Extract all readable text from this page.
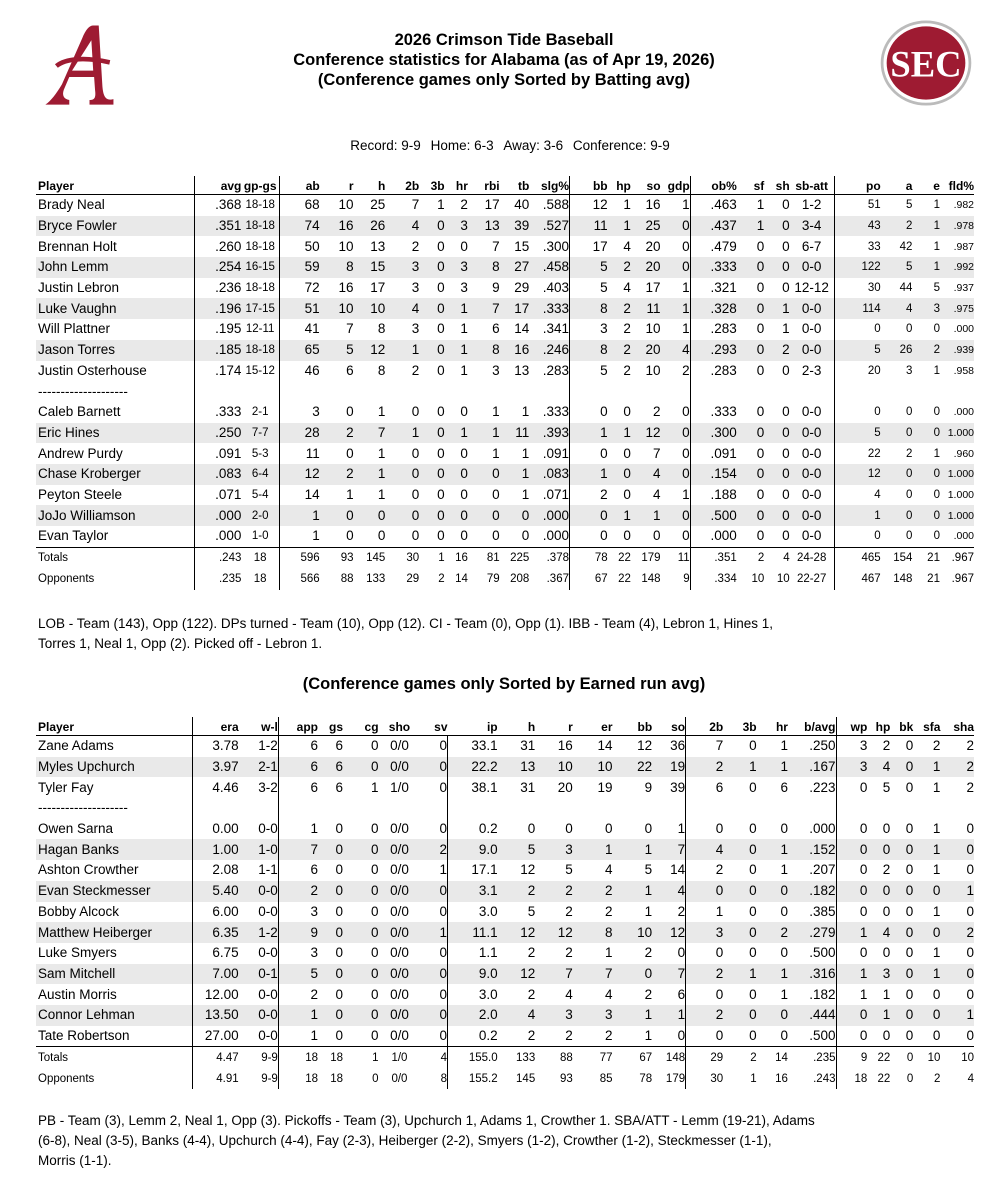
SEC
2026 Crimson Tide Baseball
Conference statistics for Alabama (as of Apr 19, 2026)
(Conference games only Sorted by Batting avg)
Record: 9-9 Home: 6-3 Away: 3-6 Conference: 9-9
Player	avg	gp-gs	ab	r	h	2b	3b	hr	rbi	tb	slg%	bb	hp	so	gdp	ob%	sf	sh	sb-att	po	a	e	fld%
Brady Neal	.368	18-18	68	10	25	7	1	2	17	40	.588	12	1	16	1	.463	1	0	1-2	51	5	1	.982
Bryce Fowler	.351	18-18	74	16	26	4	0	3	13	39	.527	11	1	25	0	.437	1	0	3-4	43	2	1	.978
Brennan Holt	.260	18-18	50	10	13	2	0	0	7	15	.300	17	4	20	0	.479	0	0	6-7	33	42	1	.987
John Lemm	.254	16-15	59	8	15	3	0	3	8	27	.458	5	2	20	0	.333	0	0	0-0	122	5	1	.992
Justin Lebron	.236	18-18	72	16	17	3	0	3	9	29	.403	5	4	17	1	.321	0	0	12-12	30	44	5	.937
Luke Vaughn	.196	17-15	51	10	10	4	0	1	7	17	.333	8	2	11	1	.328	0	1	0-0	114	4	3	.975
Will Plattner	.195	12-11	41	7	8	3	0	1	6	14	.341	3	2	10	1	.283	0	1	0-0	0	0	0	.000
Jason Torres	.185	18-18	65	5	12	1	0	1	8	16	.246	8	2	20	4	.293	0	2	0-0	5	26	2	.939
Justin Osterhouse	.174	15-12	46	6	8	2	0	1	3	13	.283	5	2	10	2	.283	0	0	2-3	20	3	1	.958
--------------------																							
Caleb Barnett	.333	2-1	3	0	1	0	0	0	1	1	.333	0	0	2	0	.333	0	0	0-0	0	0	0	.000
Eric Hines	.250	7-7	28	2	7	1	0	1	1	11	.393	1	1	12	0	.300	0	0	0-0	5	0	0	1.000
Andrew Purdy	.091	5-3	11	0	1	0	0	0	1	1	.091	0	0	7	0	.091	0	0	0-0	22	2	1	.960
Chase Kroberger	.083	6-4	12	2	1	0	0	0	0	1	.083	1	0	4	0	.154	0	0	0-0	12	0	0	1.000
Peyton Steele	.071	5-4	14	1	1	0	0	0	0	1	.071	2	0	4	1	.188	0	0	0-0	4	0	0	1.000
JoJo Williamson	.000	2-0	1	0	0	0	0	0	0	0	.000	0	1	1	0	.500	0	0	0-0	1	0	0	1.000
Evan Taylor	.000	1-0	1	0	0	0	0	0	0	0	.000	0	0	0	0	.000	0	0	0-0	0	0	0	.000
Totals	.243	18	596	93	145	30	1	16	81	225	.378	78	22	179	11	.351	2	4	24-28	465	154	21	.967
Opponents	.235	18	566	88	133	29	2	14	79	208	.367	67	22	148	9	.334	10	10	22-27	467	148	21	.967
LOB - Team (143), Opp (122). DPs turned - Team (10), Opp (12). CI - Team (0), Opp (1). IBB - Team (4), Lebron 1, Hines 1,
Torres 1, Neal 1, Opp (2). Picked off - Lebron 1.
(Conference games only Sorted by Earned run avg)
Player	era	w-l	app	gs	cg	sho	sv	ip	h	r	er	bb	so	2b	3b	hr	b/avg	wp	hp	bk	sfa	sha
Zane Adams	3.78	1-2	6	6	0	0/0	0	33.1	31	16	14	12	36	7	0	1	.250	3	2	0	2	2
Myles Upchurch	3.97	2-1	6	6	0	0/0	0	22.2	13	10	10	22	19	2	1	1	.167	3	4	0	1	2
Tyler Fay	4.46	3-2	6	6	1	1/0	0	38.1	31	20	19	9	39	6	0	6	.223	0	5	0	1	2
--------------------																						
Owen Sarna	0.00	0-0	1	0	0	0/0	0	0.2	0	0	0	0	1	0	0	0	.000	0	0	0	1	0
Hagan Banks	1.00	1-0	7	0	0	0/0	2	9.0	5	3	1	1	7	4	0	1	.152	0	0	0	1	0
Ashton Crowther	2.08	1-1	6	0	0	0/0	1	17.1	12	5	4	5	14	2	0	1	.207	0	2	0	1	0
Evan Steckmesser	5.40	0-0	2	0	0	0/0	0	3.1	2	2	2	1	4	0	0	0	.182	0	0	0	0	1
Bobby Alcock	6.00	0-0	3	0	0	0/0	0	3.0	5	2	2	1	2	1	0	0	.385	0	0	0	1	0
Matthew Heiberger	6.35	1-2	9	0	0	0/0	1	11.1	12	12	8	10	12	3	0	2	.279	1	4	0	0	2
Luke Smyers	6.75	0-0	3	0	0	0/0	0	1.1	2	2	1	2	0	0	0	0	.500	0	0	0	1	0
Sam Mitchell	7.00	0-1	5	0	0	0/0	0	9.0	12	7	7	0	7	2	1	1	.316	1	3	0	1	0
Austin Morris	12.00	0-0	2	0	0	0/0	0	3.0	2	4	4	2	6	0	0	1	.182	1	1	0	0	0
Connor Lehman	13.50	0-0	1	0	0	0/0	0	2.0	4	3	3	1	1	2	0	0	.444	0	1	0	0	1
Tate Robertson	27.00	0-0	1	0	0	0/0	0	0.2	2	2	2	1	0	0	0	0	.500	0	0	0	0	0
Totals	4.47	9-9	18	18	1	1/0	4	155.0	133	88	77	67	148	29	2	14	.235	9	22	0	10	10
Opponents	4.91	9-9	18	18	0	0/0	8	155.2	145	93	85	78	179	30	1	16	.243	18	22	0	2	4
PB - Team (3), Lemm 2, Neal 1, Opp (3). Pickoffs - Team (3), Upchurch 1, Adams 1, Crowther 1. SBA/ATT - Lemm (19-21), Adams
(6-8), Neal (3-5), Banks (4-4), Upchurch (4-4), Fay (2-3), Heiberger (2-2), Smyers (1-2), Crowther (1-2), Steckmesser (1-1),
Morris (1-1).
